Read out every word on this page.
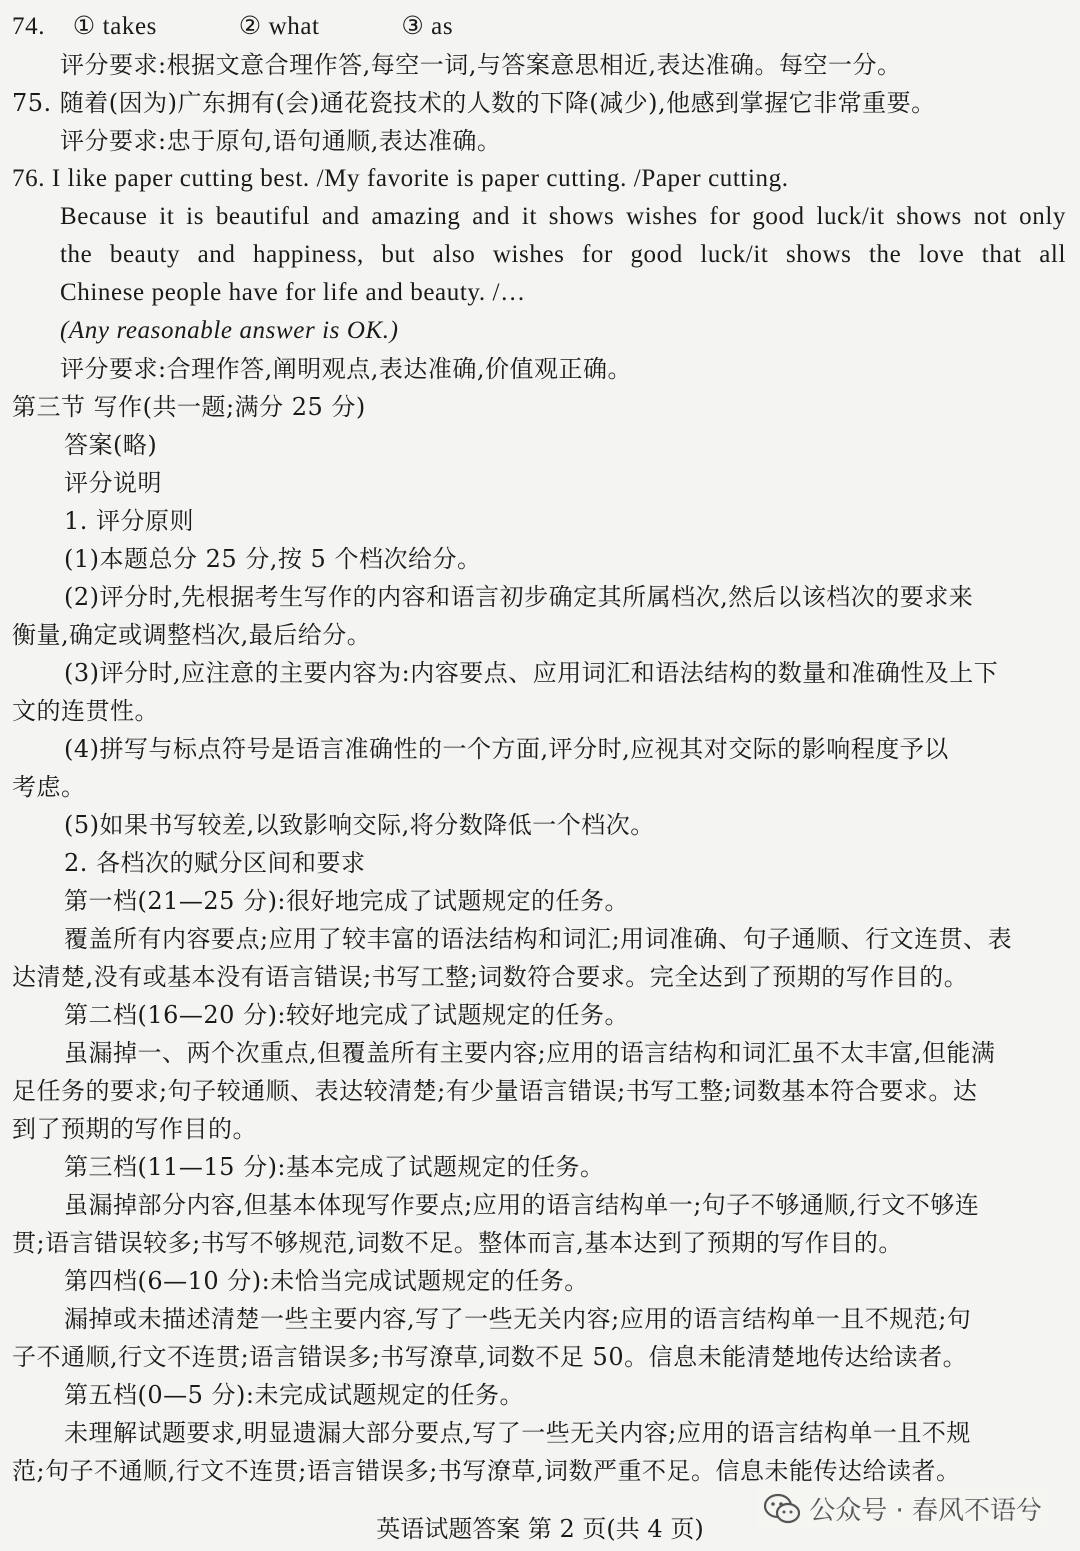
74. ① takes	② what	③ as
评分要求:根据文意合理作答,每空一词,与答案意思相近,表达准确。每空一分。
75. 随着(因为)广东拥有(会)通花瓷技术的人数的下降(减少),他感到掌握它非常重要。
评分要求:忠于原句,语句通顺,表达准确。
76. I like paper cutting best. /My favorite is paper cutting. /Paper cutting.
Because it is beautiful and amazing and it shows wishes for good luck/it shows not only
the beauty and happiness, but also wishes for good luck/it shows the love that all
Chinese people have for life and beauty. /…
(Any reasonable answer is OK.)
评分要求:合理作答,阐明观点,表达准确,价值观正确。
第三节 写作(共一题;满分 25 分)
答案(略)
评分说明
1. 评分原则
(1)本题总分 25 分,按 5 个档次给分。
(2)评分时,先根据考生写作的内容和语言初步确定其所属档次,然后以该档次的要求来
衡量,确定或调整档次,最后给分。
(3)评分时,应注意的主要内容为:内容要点、应用词汇和语法结构的数量和准确性及上下
文的连贯性。
(4)拼写与标点符号是语言准确性的一个方面,评分时,应视其对交际的影响程度予以
考虑。
(5)如果书写较差,以致影响交际,将分数降低一个档次。
2. 各档次的赋分区间和要求
第一档(21—25 分):很好地完成了试题规定的任务。
覆盖所有内容要点;应用了较丰富的语法结构和词汇;用词准确、句子通顺、行文连贯、表
达清楚,没有或基本没有语言错误;书写工整;词数符合要求。完全达到了预期的写作目的。
第二档(16—20 分):较好地完成了试题规定的任务。
虽漏掉一、两个次重点,但覆盖所有主要内容;应用的语言结构和词汇虽不太丰富,但能满
足任务的要求;句子较通顺、表达较清楚;有少量语言错误;书写工整;词数基本符合要求。达
到了预期的写作目的。
第三档(11—15 分):基本完成了试题规定的任务。
虽漏掉部分内容,但基本体现写作要点;应用的语言结构单一;句子不够通顺,行文不够连
贯;语言错误较多;书写不够规范,词数不足。整体而言,基本达到了预期的写作目的。
第四档(6—10 分):未恰当完成试题规定的任务。
漏掉或未描述清楚一些主要内容,写了一些无关内容;应用的语言结构单一且不规范;句
子不通顺,行文不连贯;语言错误多;书写潦草,词数不足 50。信息未能清楚地传达给读者。
第五档(0—5 分):未完成试题规定的任务。
未理解试题要求,明显遗漏大部分要点,写了一些无关内容;应用的语言结构单一且不规
范;句子不通顺,行文不连贯;语言错误多;书写潦草,词数严重不足。信息未能传达给读者。
公众号 · 春风不语兮
英语试题答案 第 2 页(共 4 页)
